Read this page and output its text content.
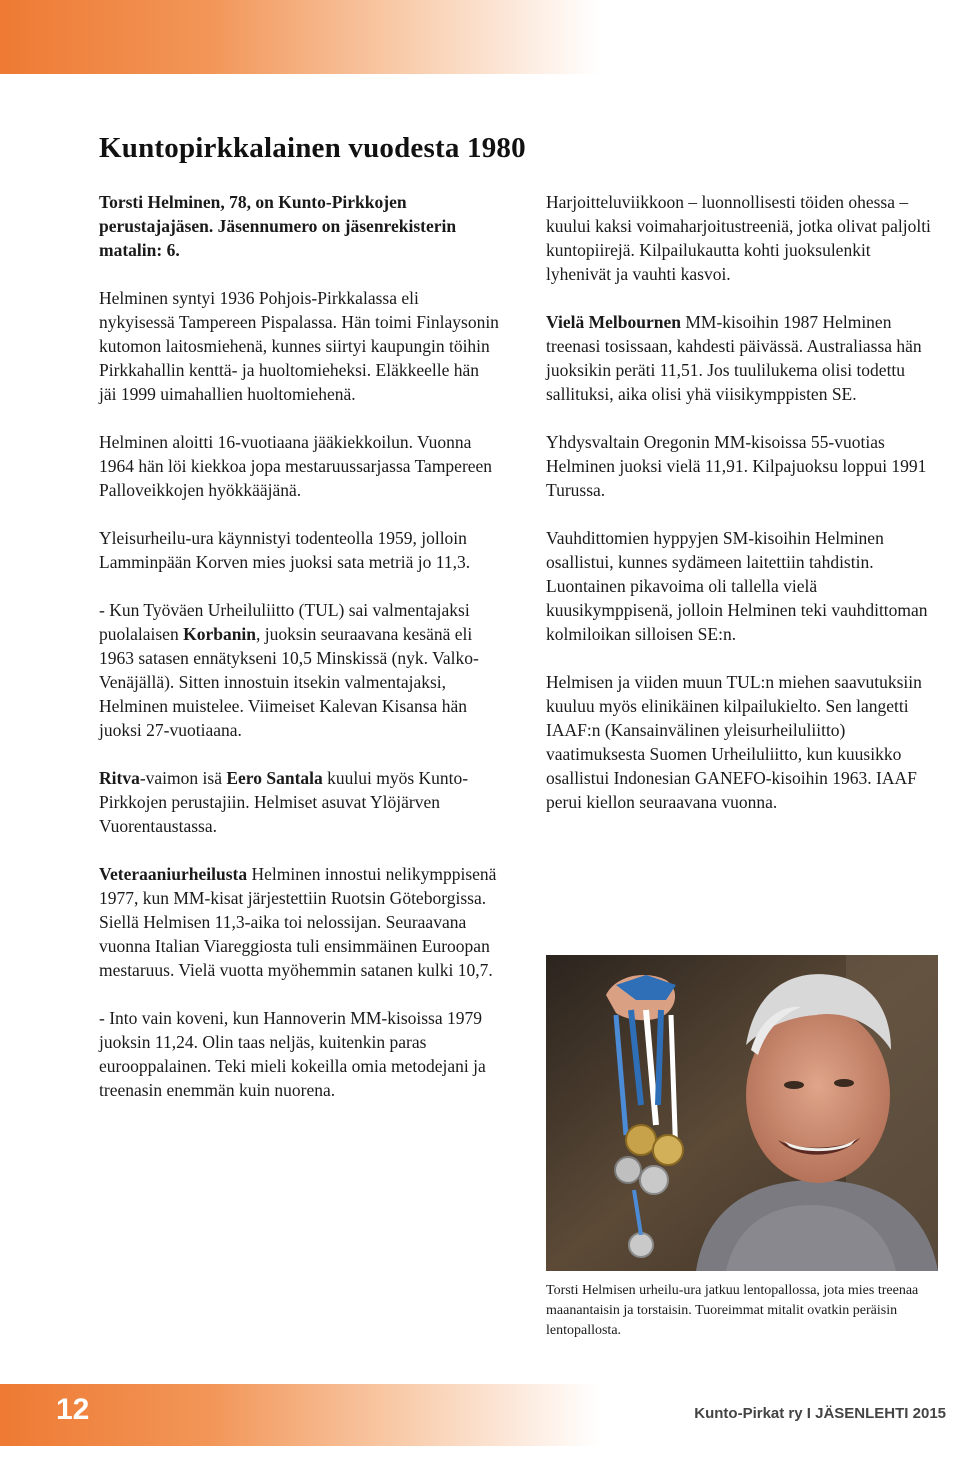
Kuntopirkkalainen vuodesta 1980

Torsti Helminen, 78, on Kunto-Pirkkojen perustajajäsen. Jäsennumero on jäsenrekisterin matalin: 6.

Helminen syntyi 1936 Pohjois-Pirkkalassa eli nykyisessä Tampereen Pispalassa. Hän toimi Finlaysonin kutomon laitosmiehenä, kunnes siirtyi kaupungin töihin Pirkkahallin kenttä- ja huoltomieheksi. Eläkkeelle hän jäi 1999 uimahallien huoltomiehenä.

Helminen aloitti 16-vuotiaana jääkiekkoilun. Vuonna 1964 hän löi kiekkoa jopa mestaruussarjassa Tampereen Palloveikkojen hyökkääjänä.

Yleisurheilu-ura käynnistyi todenteolla 1959, jolloin Lamminpään Korven mies juoksi sata metriä jo 11,3.

- Kun Työväen Urheiluliitto (TUL) sai valmentajaksi puolalaisen Korbanin, juoksin seuraavana kesänä eli 1963 satasen ennätykseni 10,5 Minskissä (nyk. Valko-Venäjällä). Sitten innostuin itsekin valmentajaksi, Helminen muistelee. Viimeiset Kalevan Kisansa hän juoksi 27-vuotiaana.

Ritva-vaimon isä Eero Santala kuului myös Kunto-Pirkkojen perustajiin. Helmiset asuvat Ylöjärven Vuorentaustassa.

Veteraaniurheilusta Helminen innostui nelikymppisenä 1977, kun MM-kisat järjestettiin Ruotsin Göteborgissa. Siellä Helmisen 11,3-aika toi nelossijan. Seuraavana vuonna Italian Viareggiosta tuli ensimmäinen Euroopan mestaruus. Vielä vuotta myöhemmin satanen kulki 10,7.

- Into vain koveni, kun Hannoverin MM-kisoissa 1979 juoksin 11,24. Olin taas neljäs, kuitenkin paras eurooppalainen. Teki mieli kokeilla omia metodejani ja treenasin enemmän kuin nuorena.

Harjoitteluviikkoon – luonnollisesti töiden ohessa – kuului kaksi voimaharjoitustreeniä, jotka olivat paljolti kuntopiirejä. Kilpailukautta kohti juoksulenkit lyhenivät ja vauhti kasvoi.

Vielä Melbournen MM-kisoihin 1987 Helminen treenasi tosissaan, kahdesti päivässä. Australiassa hän juoksikin peräti 11,51. Jos tuulilukema olisi todettu sallituksi, aika olisi yhä viisikymppisten SE.

Yhdysvaltain Oregonin MM-kisoissa 55-vuotias Helminen juoksi vielä 11,91. Kilpajuoksu loppui 1991 Turussa.

Vauhdittomien hyppyjen SM-kisoihin Helminen osallistui, kunnes sydämeen laitettiin tahdistin. Luontainen pikavoima oli tallella vielä kuusikymppisenä, jolloin Helminen teki vauhdittoman kolmiloikan silloisen SE:n.

Helmisen ja viiden muun TUL:n miehen saavutuksiin kuuluu myös elinikäinen kilpailukielto. Sen langetti IAAF:n (Kansainvälinen yleisurheiluliitto) vaatimuksesta Suomen Urheiluliitto, kun kuusikko osallistui Indonesian GANEFO-kisoihin 1963. IAAF perui kiellon seuraavana vuonna.

Torsti Helmisen urheilu-ura jatkuu lentopallossa, jota mies treenaa maanantaisin ja torstaisin. Tuoreimmat mitalit ovatkin peräisin lentopallosta.

12	Kunto-Pirkat ry I JÄSENLEHTI 2015
